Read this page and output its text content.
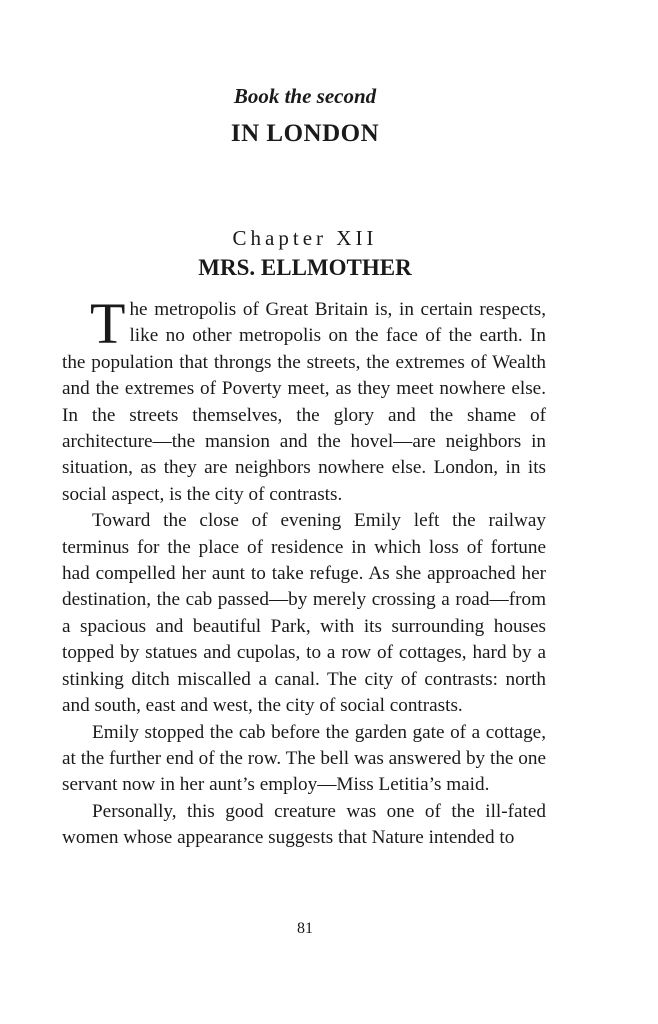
Book the second
IN LONDON
Chapter XII
MRS. ELLMOTHER

The metropolis of Great Britain is, in certain respects, like no other metropolis on the face of the earth. In the population that throngs the streets, the extremes of Wealth and the extremes of Poverty meet, as they meet nowhere else. In the streets themselves, the glory and the shame of architecture—the mansion and the hovel—are neighbors in situation, as they are neighbors nowhere else. London, in its social aspect, is the city of contrasts.

Toward the close of evening Emily left the railway terminus for the place of residence in which loss of fortune had compelled her aunt to take refuge. As she approached her destination, the cab passed—by merely crossing a road—from a spacious and beautiful Park, with its surrounding houses topped by statues and cupolas, to a row of cottages, hard by a stinking ditch miscalled a canal. The city of contrasts: north and south, east and west, the city of social contrasts.

Emily stopped the cab before the garden gate of a cottage, at the further end of the row. The bell was answered by the one servant now in her aunt’s employ—Miss Letitia’s maid.

Personally, this good creature was one of the ill-fated women whose appearance suggests that Nature intended to

81
